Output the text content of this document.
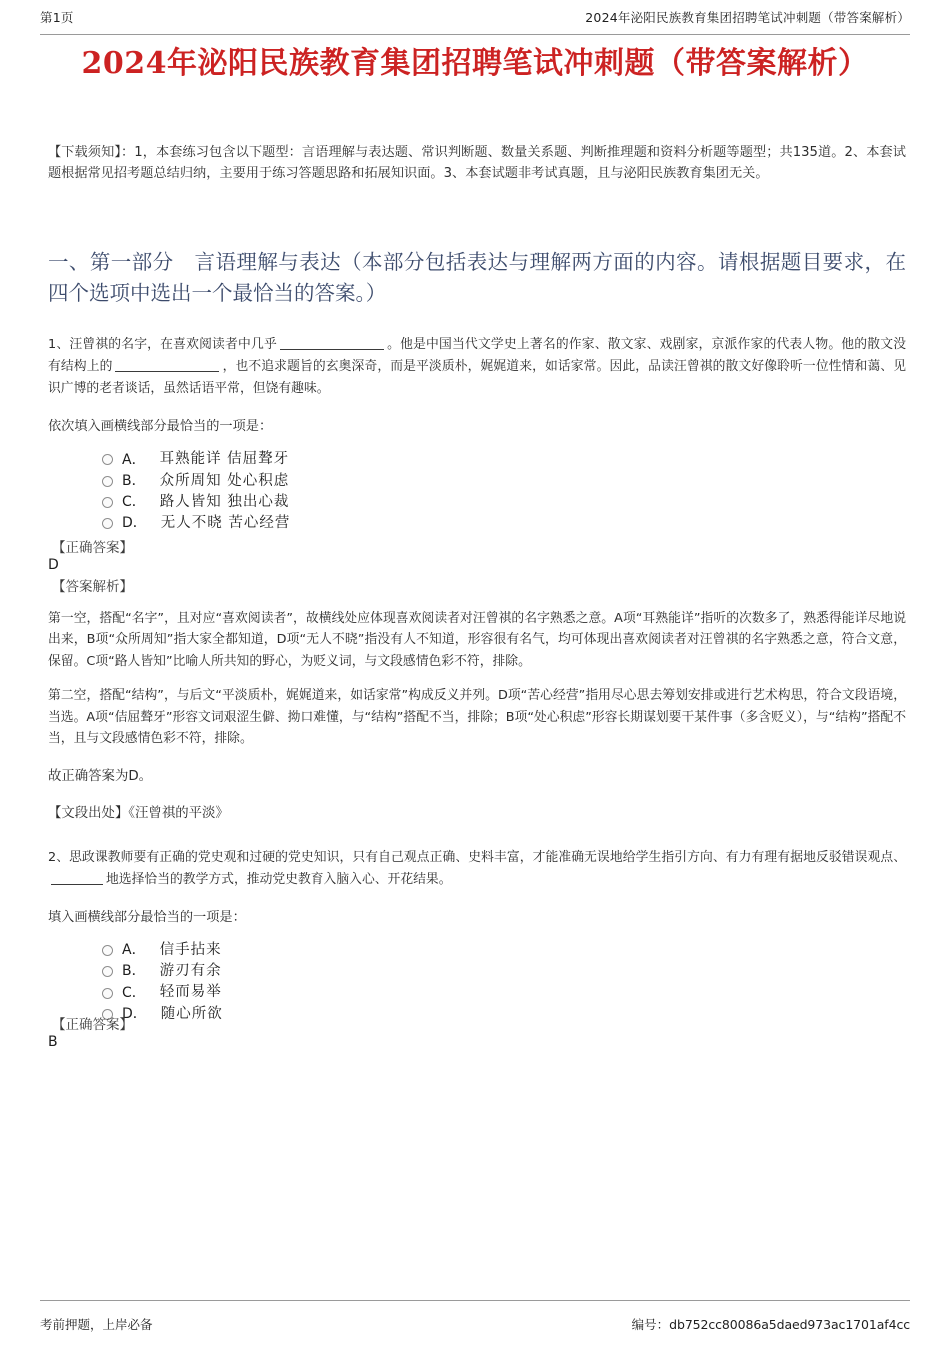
第1页	2024年泌阳民族教育集团招聘笔试冲刺题（带答案解析）
2024年泌阳民族教育集团招聘笔试冲刺题（带答案解析）

【下载须知】：1，本套练习包含以下题型：言语理解与表达题、常识判断题、数量关系题、判断推理题和资料分析题等题型；共135道。2、本套试题根据常见招考题总结归纳，主要用于练习答题思路和拓展知识面。3、本套试题非考试真题，且与泌阳民族教育集团无关。

一、第一部分　言语理解与表达（本部分包括表达与理解两方面的内容。请根据题目要求，在四个选项中选出一个最恰当的答案。）

1、汪曾祺的名字，在喜欢阅读者中几乎	。他是中国当代文学史上著名的作家、散文家、戏剧家，京派作家的代表人物。他的散文没有结构上的	，也不追求题旨的玄奥深奇，而是平淡质朴，娓娓道来，如话家常。因此，品读汪曾祺的散文好像聆听一位性情和蔼、见识广博的老者谈话，虽然话语平常，但饶有趣味。

依次填入画横线部分最恰当的一项是：

A． 耳熟能详 佶屈聱牙
B． 众所周知 处心积虑
C． 路人皆知 独出心裁
D． 无人不晓 苦心经营

【正确答案】

D

【答案解析】

第一空，搭配“名字”，且对应“喜欢阅读者”，故横线处应体现喜欢阅读者对汪曾祺的名字熟悉之意。A项“耳熟能详”指听的次数多了，熟悉得能详尽地说出来，B项“众所周知”指大家全都知道，D项“无人不晓”指没有人不知道，形容很有名气，均可体现出喜欢阅读者对汪曾祺的名字熟悉之意，符合文意，保留。C项“路人皆知”比喻人所共知的野心，为贬义词，与文段感情色彩不符，排除。

第二空，搭配“结构”，与后文“平淡质朴，娓娓道来，如话家常”构成反义并列。D项“苦心经营”指用尽心思去筹划安排或进行艺术构思，符合文段语境，当选。A项“佶屈聱牙”形容文词艰涩生僻、拗口难懂，与“结构”搭配不当，排除；B项“处心积虑”形容长期谋划要干某件事（多含贬义），与“结构”搭配不当，且与文段感情色彩不符，排除。

故正确答案为D。

【文段出处】《汪曾祺的平淡》

2、思政课教师要有正确的党史观和过硬的党史知识，只有自己观点正确、史料丰富，才能准确无误地给学生指引方向、有力有理有据地反驳错误观点、地选择恰当的教学方式，推动党史教育入脑入心、开花结果。

填入画横线部分最恰当的一项是：

A． 信手拈来
B． 游刃有余
C． 轻而易举
D． 随心所欲

【正确答案】

B

考前押题，上岸必备	编号：db752cc80086a5daed973ac1701af4cc
